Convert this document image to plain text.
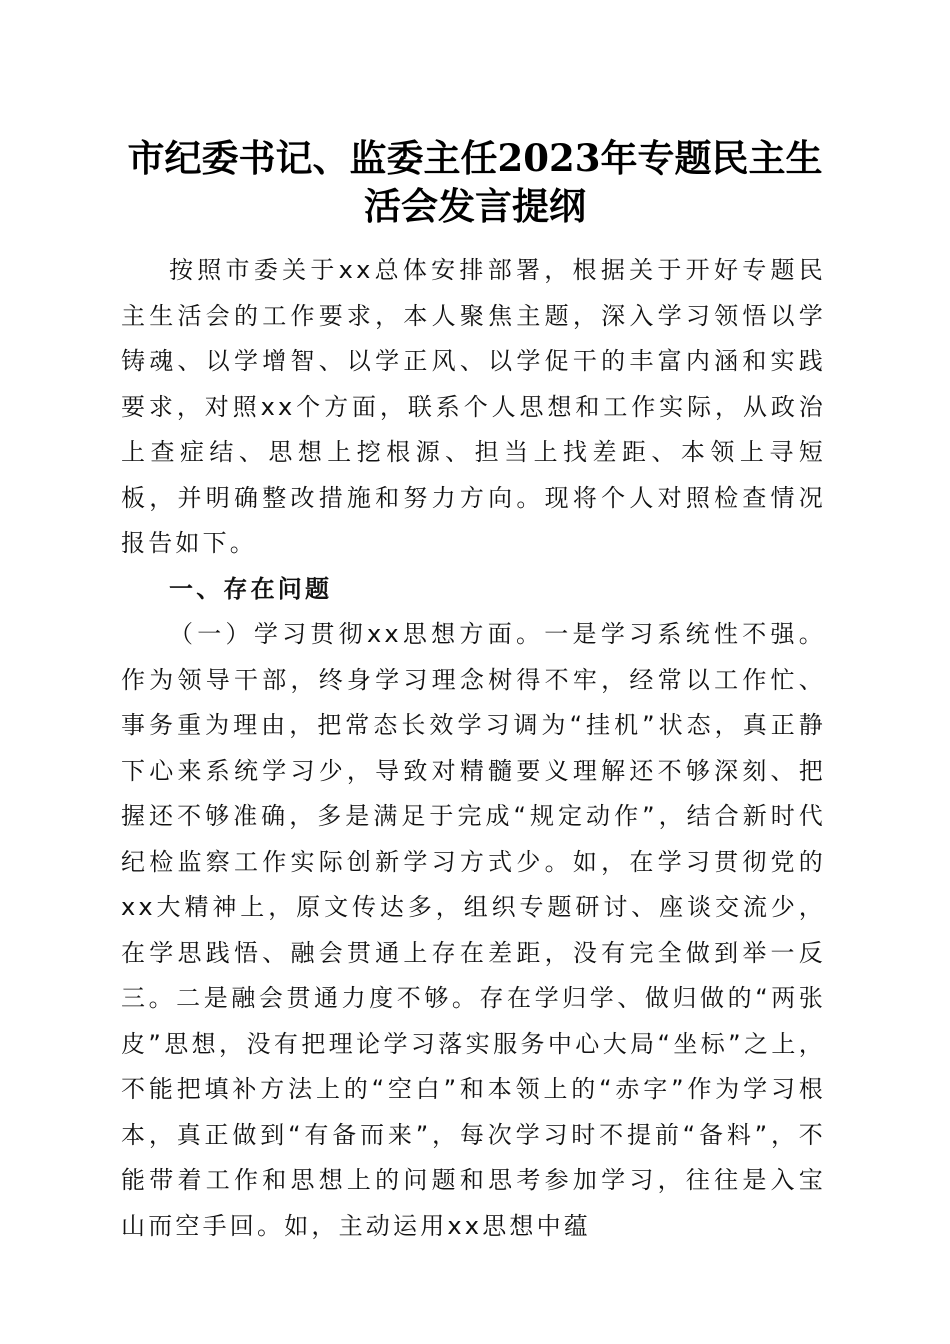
市纪委书记、监委主任2023年专题民主生活会发言提纲

按照市委关于xx总体安排部署，根据关于开好专题民主生活会的工作要求，本人聚焦主题，深入学习领悟以学铸魂、以学增智、以学正风、以学促干的丰富内涵和实践要求，对照xx个方面，联系个人思想和工作实际，从政治上查症结、思想上挖根源、担当上找差距、本领上寻短板，并明确整改措施和努力方向。现将个人对照检查情况报告如下。

一、存在问题

（一）学习贯彻xx思想方面。一是学习系统性不强。作为领导干部，终身学习理念树得不牢，经常以工作忙、事务重为理由，把常态长效学习调为“挂机”状态，真正静下心来系统学习少，导致对精髓要义理解还不够深刻、把握还不够准确，多是满足于完成“规定动作”，结合新时代纪检监察工作实际创新学习方式少。如，在学习贯彻党的xx大精神上，原文传达多，组织专题研讨、座谈交流少，在学思践悟、融会贯通上存在差距，没有完全做到举一反三。二是融会贯通力度不够。存在学归学、做归做的“两张皮”思想，没有把理论学习落实服务中心大局“坐标”之上，不能把填补方法上的“空白”和本领上的“赤字”作为学习根本，真正做到“有备而来”，每次学习时不提前“备料”，不能带着工作和思想上的问题和思考参加学习，往往是入宝山而空手回。如，主动运用xx思想中蕴
